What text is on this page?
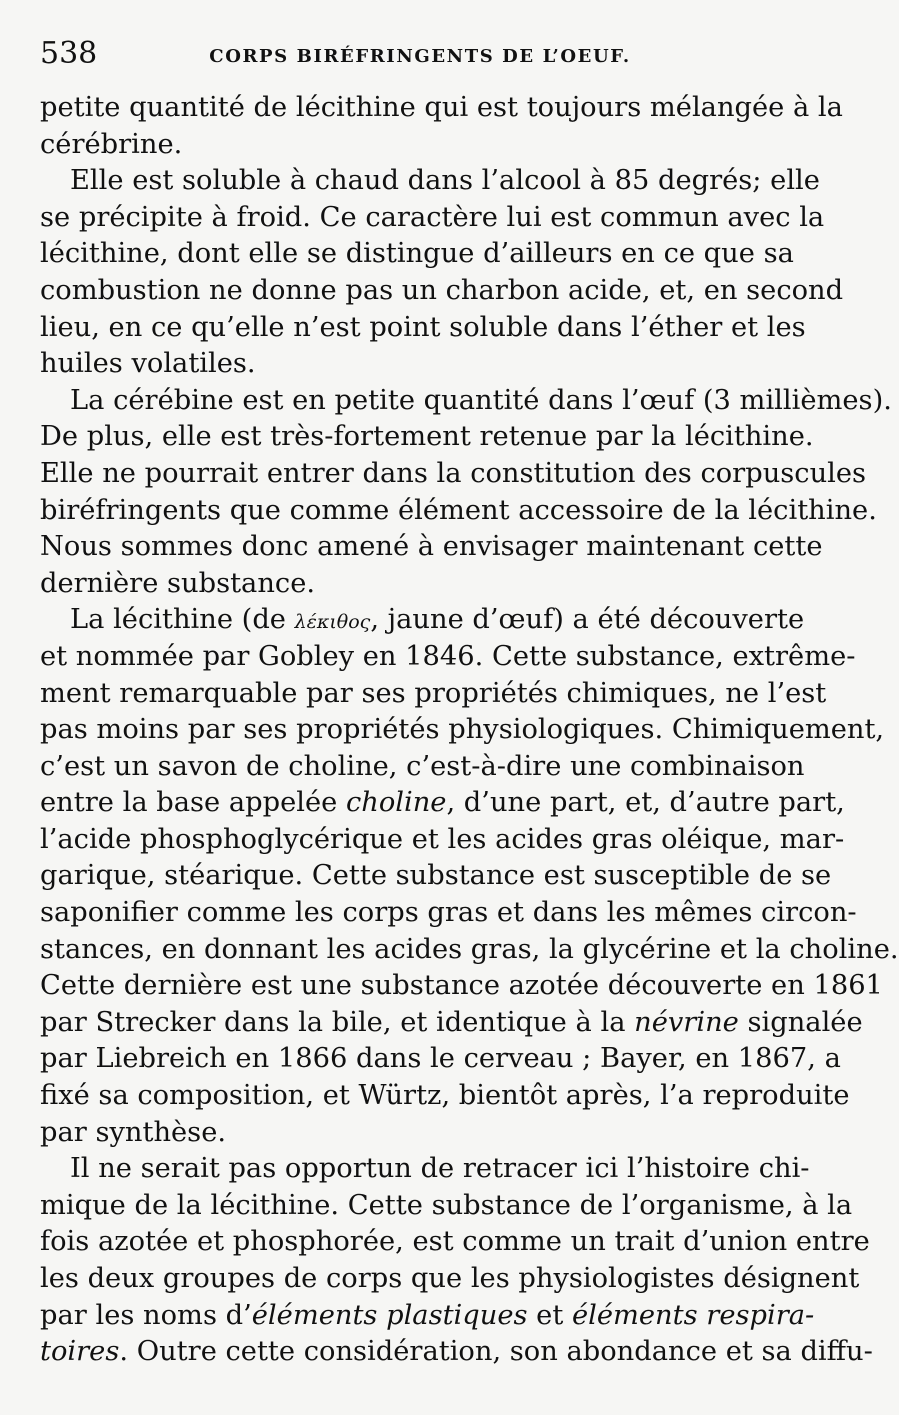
538	CORPS BIRÉFRINGENTS DE L’OEUF.

petite quantité de lécithine qui est toujours mélangée à la
cérébrine.

Elle est soluble à chaud dans l’alcool à 85 degrés; elle
se précipite à froid. Ce caractère lui est commun avec la
lécithine, dont elle se distingue d’ailleurs en ce que sa
combustion ne donne pas un charbon acide, et, en second
lieu, en ce qu’elle n’est point soluble dans l’éther et les
huiles volatiles.

La cérébine est en petite quantité dans l’œuf (3 millièmes).
De plus, elle est très-fortement retenue par la lécithine.
Elle ne pourrait entrer dans la constitution des corpuscules
biréfringents que comme élément accessoire de la lécithine.
Nous sommes donc amené à envisager maintenant cette
dernière substance.

La lécithine (de λέκιθος, jaune d’œuf) a été découverte
et nommée par Gobley en 1846. Cette substance, extrême-
ment remarquable par ses propriétés chimiques, ne l’est
pas moins par ses propriétés physiologiques. Chimiquement,
c’est un savon de choline, c’est-à-dire une combinaison
entre la base appelée choline, d’une part, et, d’autre part,
l’acide phosphoglycérique et les acides gras oléique, mar-
garique, stéarique. Cette substance est susceptible de se
saponifier comme les corps gras et dans les mêmes circon-
stances, en donnant les acides gras, la glycérine et la choline.
Cette dernière est une substance azotée découverte en 1861
par Strecker dans la bile, et identique à la névrine signalée
par Liebreich en 1866 dans le cerveau ; Bayer, en 1867, a
fixé sa composition, et Würtz, bientôt après, l’a reproduite
par synthèse.

Il ne serait pas opportun de retracer ici l’histoire chi-
mique de la lécithine. Cette substance de l’organisme, à la
fois azotée et phosphorée, est comme un trait d’union entre
les deux groupes de corps que les physiologistes désignent
par les noms d’éléments plastiques et éléments respira-
toires. Outre cette considération, son abondance et sa diffu-
